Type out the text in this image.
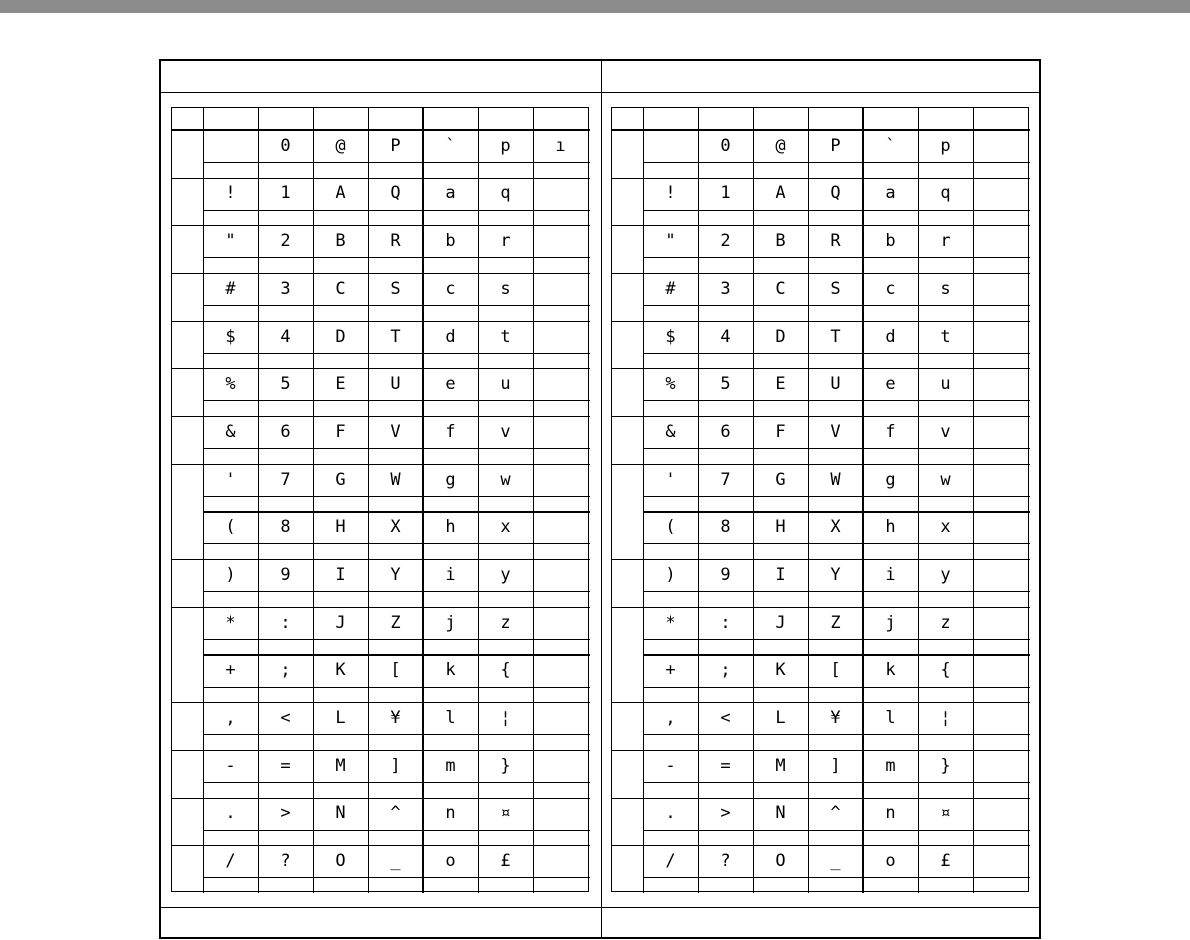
!
"
#
$
%
&
'
(
)
*
+
,
-
.
/
0
1
2
3
4
5
6
7
8
9
:
;
<
=
>
?
@
A
B
C
D
E
F
G
H
I
J
K
L
M
N
O
P
Q
R
S
T
U
V
W
X
Y
Z
[
¥
]
^
_
`
a
b
c
d
e
f
g
h
i
j
k
l
m
n
o
p
q
r
s
t
u
v
w
x
y
z
{
¦
}
¤
£
ı
!
"
#
$
%
&
'
(
)
*
+
,
-
.
/
0
1
2
3
4
5
6
7
8
9
:
;
<
=
>
?
@
A
B
C
D
E
F
G
H
I
J
K
L
M
N
O
P
Q
R
S
T
U
V
W
X
Y
Z
[
¥
]
^
_
`
a
b
c
d
e
f
g
h
i
j
k
l
m
n
o
p
q
r
s
t
u
v
w
x
y
z
{
¦
}
¤
£
